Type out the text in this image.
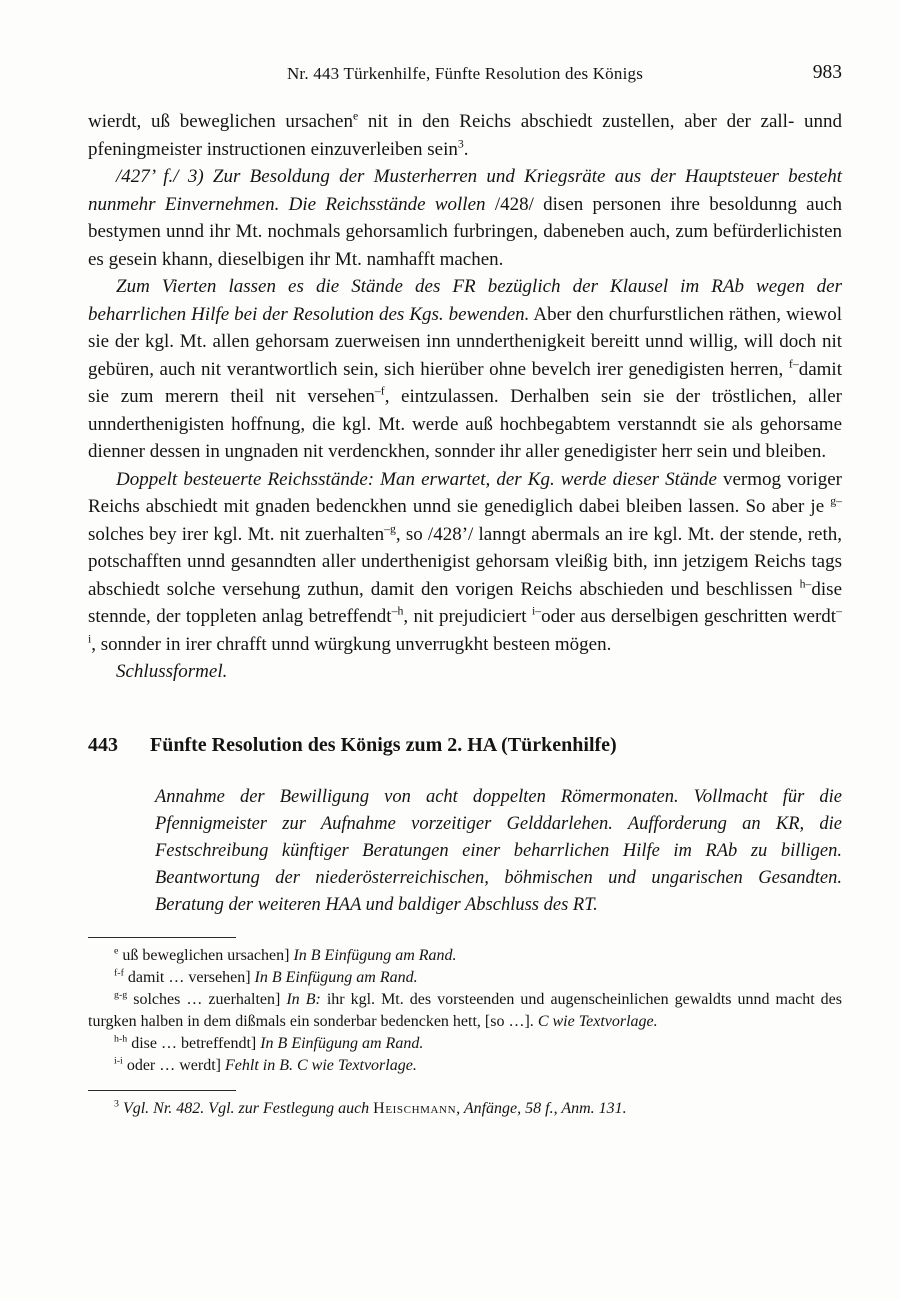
Nr. 443 Türkenhilfe, Fünfte Resolution des Königs	983

wierdt, uß beweglichen ursachen$^e$ nit in den Reichs abschiedt zustellen, aber der zall- unnd pfeningmeister instructionen einzuverleiben sein$^3$.

/427’ f./ 3) Zur Besoldung der Musterherren und Kriegsräte aus der Hauptsteuer besteht nunmehr Einvernehmen. Die Reichsstände wollen /428/ disen personen ihre besoldunng auch bestymen unnd ihr Mt. nochmals gehorsamlich furbringen, dabeneben auch, zum befürderlichisten es gesein khann, dieselbigen ihr Mt. namhafft machen.

Zum Vierten lassen es die Stände des FR bezüglich der Klausel im RAb wegen der beharrlichen Hilfe bei der Resolution des Kgs. bewenden. Aber den churfurstlichen räthen, wiewol sie der kgl. Mt. allen gehorsam zuerweisen inn unnderthenigkeit bereitt unnd willig, will doch nit gebüren, auch nit verantwortlich sein, sich hierüber ohne bevelch irer genedigisten herren, $^{f-}$damit sie zum merern theil nit versehen$^{-f}$, eintzulassen. Derhalben sein sie der tröstlichen, aller unnderthenigisten hoffnung, die kgl. Mt. werde auß hochbegabtem verstanndt sie als gehorsame dienner dessen in ungnaden nit verdenckhen, sonnder ihr aller genedigister herr sein und bleiben.

Doppelt besteuerte Reichsstände: Man erwartet, der Kg. werde dieser Stände vermog voriger Reichs abschiedt mit gnaden bedenckhen unnd sie genediglich dabei bleiben lassen. So aber je $^{g-}$solches bey irer kgl. Mt. nit zuerhalten$^{-g}$, so /428’/ lanngt abermals an ire kgl. Mt. der stende, reth, potschafften unnd gesanndten aller underthenigist gehorsam vleißig bith, inn jetzigem Reichs tags abschiedt solche versehung zuthun, damit den vorigen Reichs abschieden und beschlissen $^{h-}$dise stennde, der toppleten anlag betreffendt$^{-h}$, nit prejudiciert $^{i-}$oder aus derselbigen geschritten werdt$^{-i}$, sonnder in irer chrafft unnd würgkung unverrugkht besteen mögen.

Schlussformel.

443 Fünfte Resolution des Königs zum 2. HA (Türkenhilfe)
Annahme der Bewilligung von acht doppelten Römermonaten. Vollmacht für die Pfennigmeister zur Aufnahme vorzeitiger Gelddarlehen. Aufforderung an KR, die Festschreibung künftiger Beratungen einer beharrlichen Hilfe im RAb zu billigen. Beantwortung der niederösterreichischen, böhmischen und ungarischen Gesandten. Beratung der weiteren HAA und baldiger Abschluss des RT.

$^e$ uß beweglichen ursachen] In B Einfügung am Rand.

$^{f-f}$ damit … versehen] In B Einfügung am Rand.

$^{g-g}$ solches … zuerhalten] In B: ihr kgl. Mt. des vorsteenden und augenscheinlichen gewaldts unnd macht des turgken halben in dem dißmals ein sonderbar bedencken hett, [so …]. C wie Textvorlage.

$^{h-h}$ dise … betreffendt] In B Einfügung am Rand.

$^{i-i}$ oder … werdt] Fehlt in B. C wie Textvorlage.

$^3$ Vgl. Nr. 482. Vgl. zur Festlegung auch Heischmann, Anfänge, 58 f., Anm. 131.
